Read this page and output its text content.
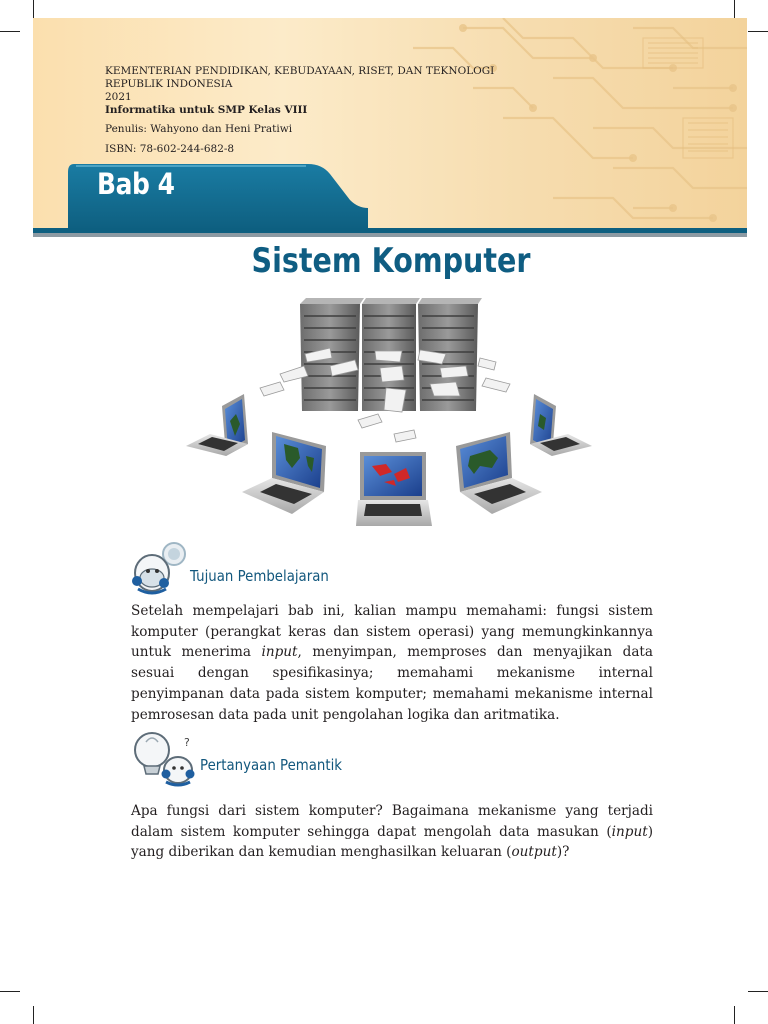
KEMENTERIAN PENDIDIKAN, KEBUDAYAAN, RISET, DAN TEKNOLOGI
REPUBLIK INDONESIA
2021
Informatika untuk SMP Kelas VIII
Penulis: Wahyono dan Heni Pratiwi
ISBN: 78-602-244-682-8
Bab 4
Sistem Komputer
Tujuan Pembelajaran
Setelah mempelajari bab ini, kalian mampu memahami: fungsi sistem komputer (perangkat keras dan sistem operasi) yang memungkinkannya untuk menerima input, menyimpan, memproses dan menyajikan data sesuai dengan spesifikasinya; memahami mekanisme internal penyimpanan data pada sistem komputer; memahami mekanisme internal pemrosesan data pada unit pengolahan logika dan aritmatika.
?
Pertanyaan Pemantik
Apa fungsi dari sistem komputer? Bagaimana mekanisme yang terjadi dalam sistem komputer sehingga dapat mengolah data masukan (input) yang diberikan dan kemudian menghasilkan keluaran (output)?
